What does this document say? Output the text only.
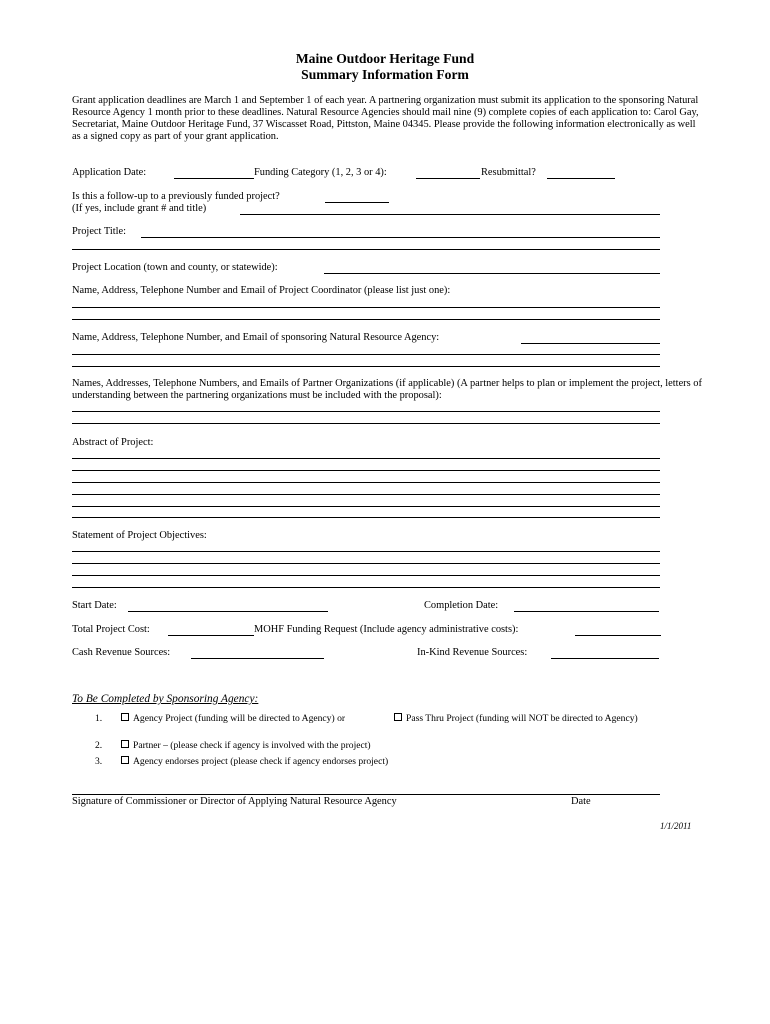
Maine Outdoor Heritage Fund
Summary Information Form
Grant application deadlines are March 1 and September 1 of each year. A partnering organization must submit its application to the sponsoring Natural Resource Agency 1 month prior to these deadlines. Natural Resource Agencies should mail nine (9) complete copies of each application to: Carol Gay, Secretariat, Maine Outdoor Heritage Fund, 37 Wiscasset Road, Pittston, Maine 04345. Please provide the following information electronically as well as a signed copy as part of your grant application.
Application Date:	Funding Category (1, 2, 3 or 4):	Resubmittal?
Is this a follow-up to a previously funded project?
(If yes, include grant # and title)
Project Title:
Project Location (town and county, or statewide):
Name, Address, Telephone Number and Email of Project Coordinator (please list just one):
Name, Address, Telephone Number, and Email of sponsoring Natural Resource Agency:
Names, Addresses, Telephone Numbers, and Emails of Partner Organizations (if applicable) (A partner helps to plan or implement the project, letters of understanding between the partnering organizations must be included with the proposal):
Abstract of Project:
Statement of Project Objectives:
Start Date:	Completion Date:
Total Project Cost:	MOHF Funding Request (Include agency administrative costs):
Cash Revenue Sources:	In-Kind Revenue Sources:
To Be Completed by Sponsoring Agency:
1.	Agency Project (funding will be directed to Agency) or	Pass Thru Project (funding will NOT be directed to Agency)
2.	Partner – (please check if agency is involved with the project)
3.	Agency endorses project (please check if agency endorses project)
Signature of Commissioner or Director of Applying Natural Resource Agency	Date
1/1/2011
